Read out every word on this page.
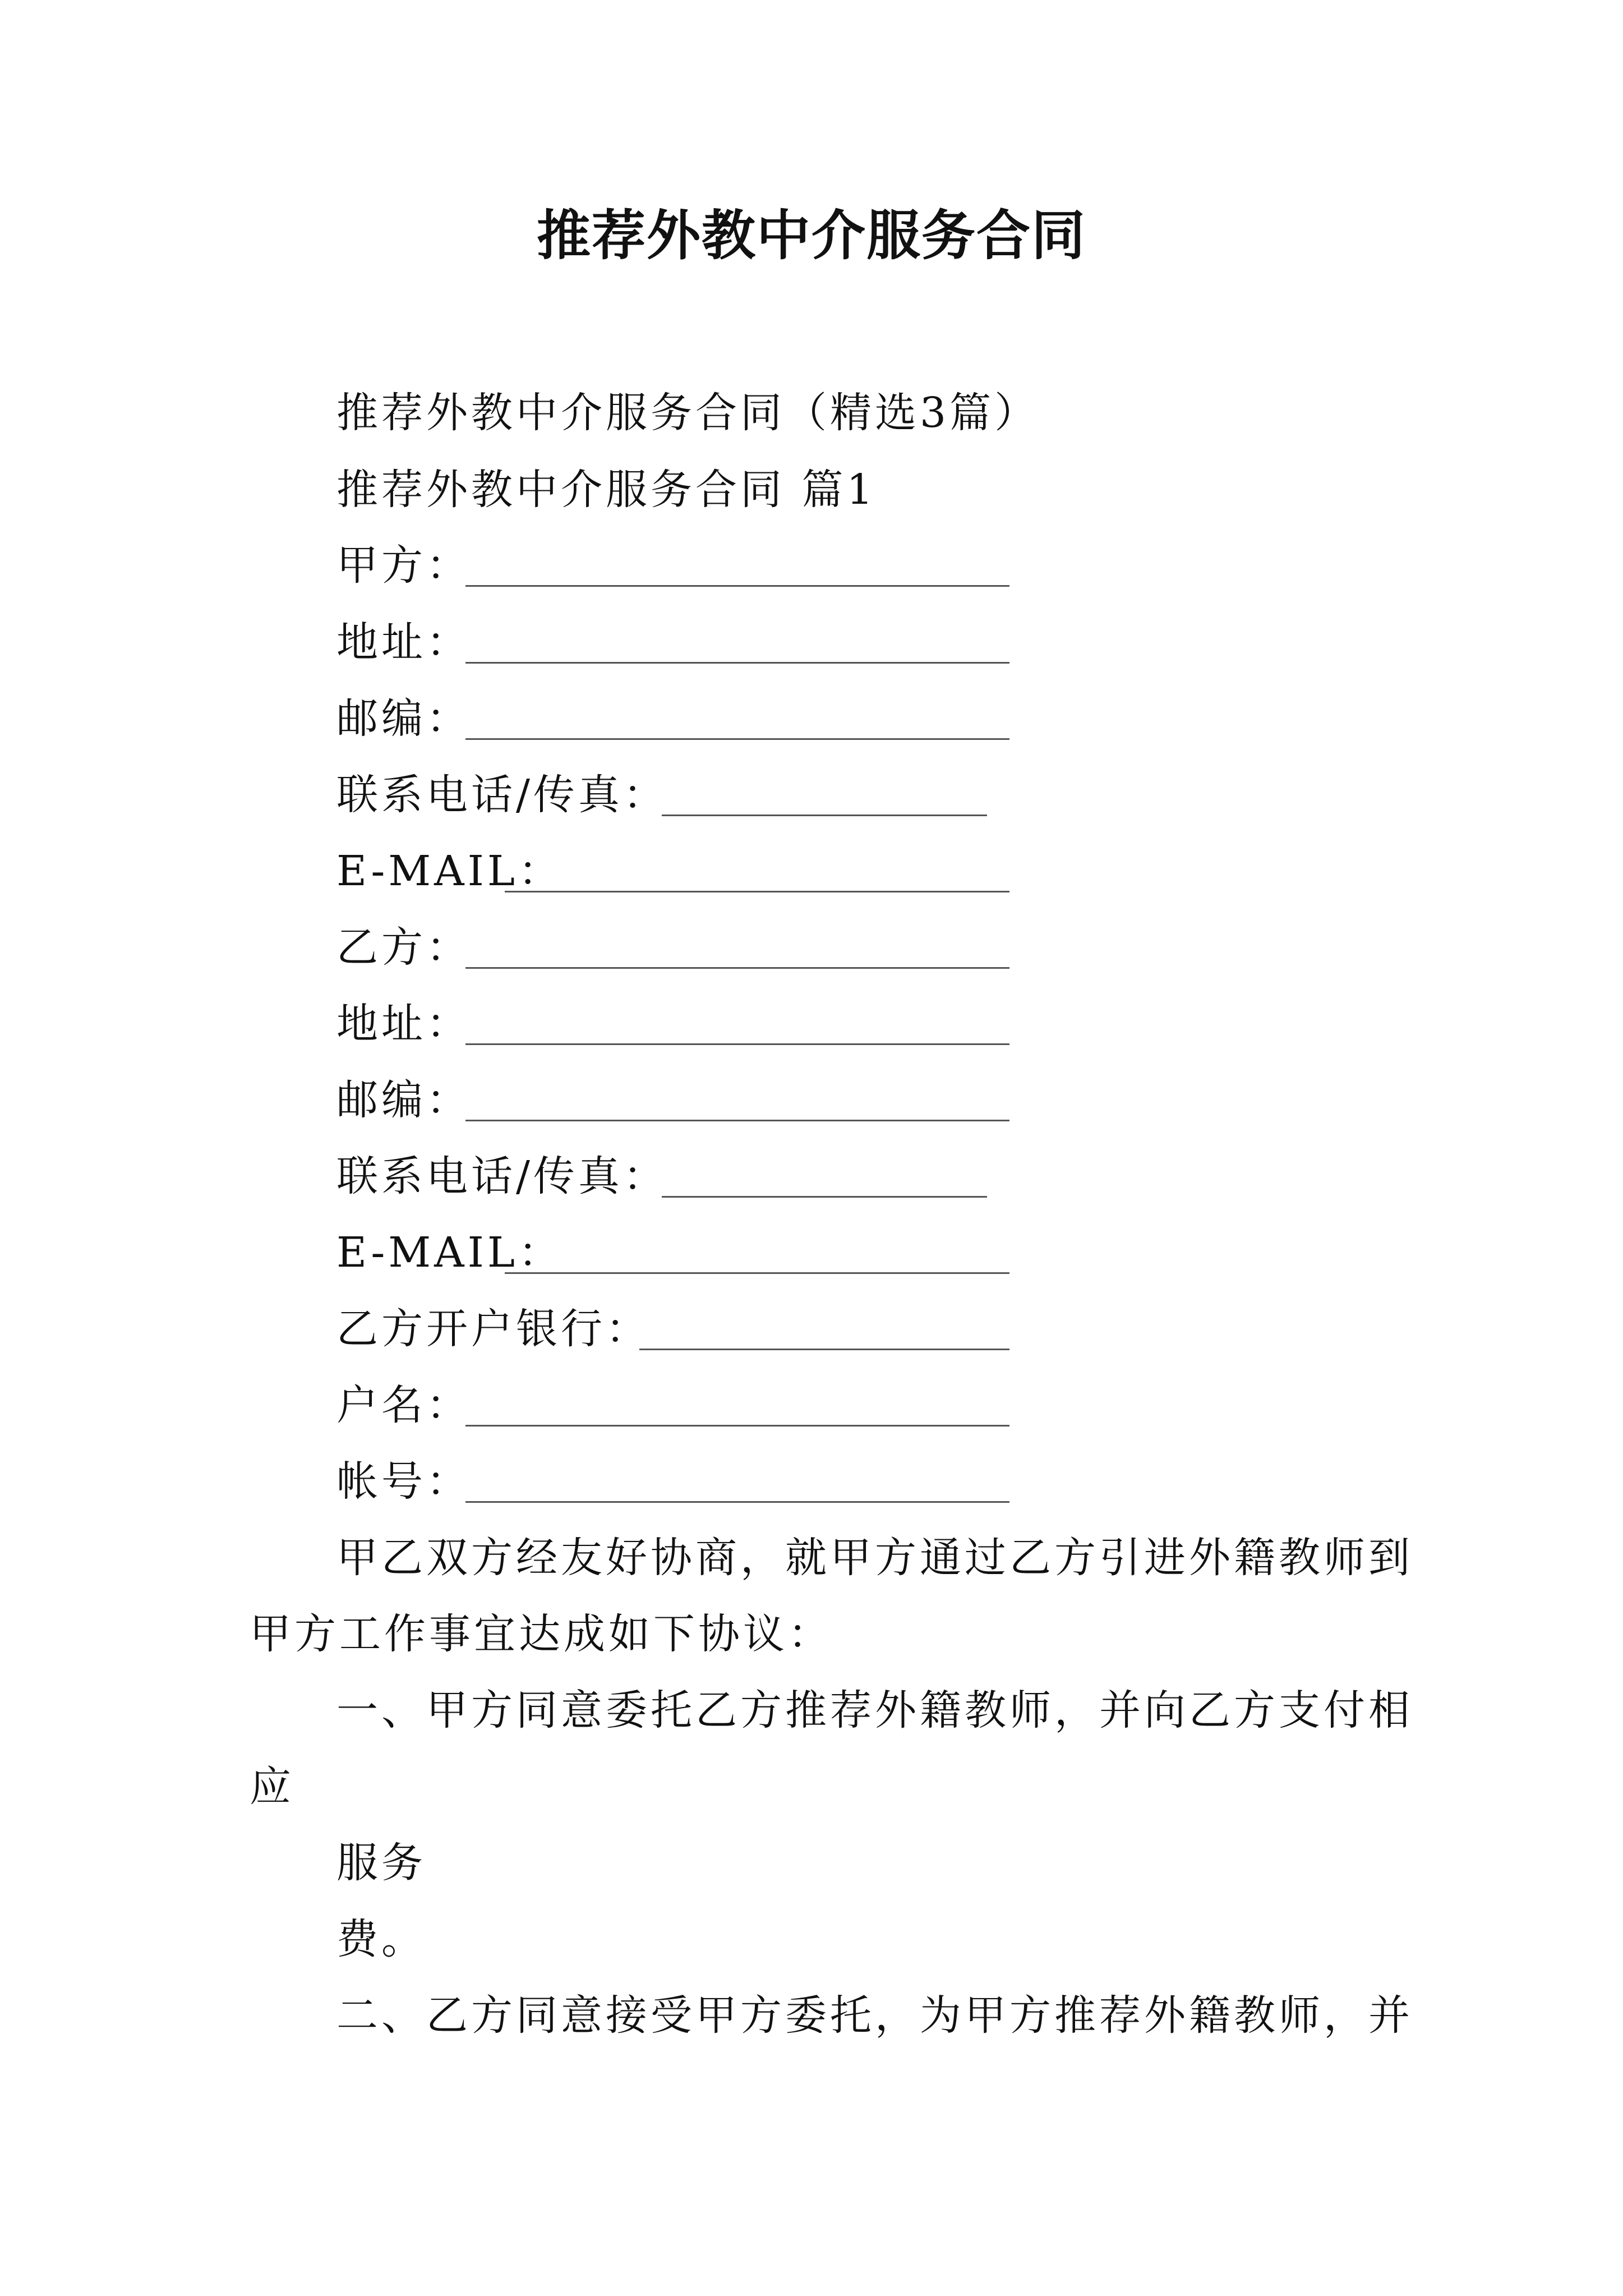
推荐外教中介服务合同
推荐外教中介服务合同（精选3篇）
推荐外教中介服务合同 篇1
甲方：
地址：
邮编：
联系电话/传真：
E-MAIL：
乙方：
地址：
邮编：
联系电话/传真：
E-MAIL：
乙方开户银行：
户名：
帐号：
甲乙双方经友好协商，就甲方通过乙方引进外籍教师到
甲方工作事宜达成如下协议：
一、甲方同意委托乙方推荐外籍教师，并向乙方支付相
应
服务
费。
二、乙方同意接受甲方委托，为甲方推荐外籍教师，并
